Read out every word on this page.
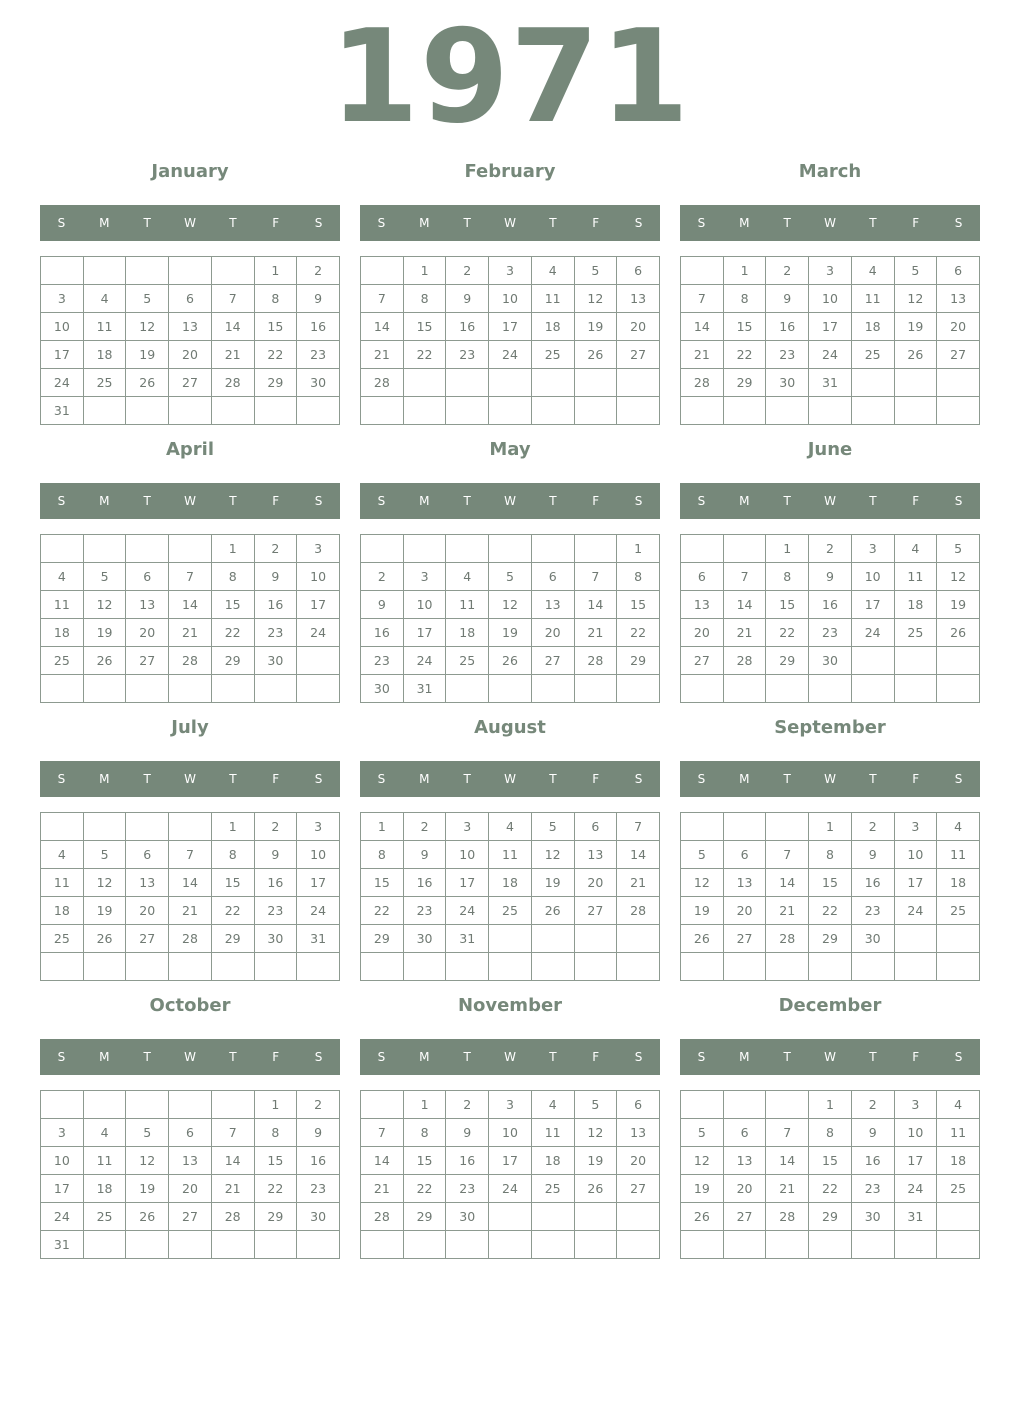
1971
January
S	M	T	W	T	F	S
					1	2
3	4	5	6	7	8	9
10	11	12	13	14	15	16
17	18	19	20	21	22	23
24	25	26	27	28	29	30
31						
February
S	M	T	W	T	F	S
	1	2	3	4	5	6
7	8	9	10	11	12	13
14	15	16	17	18	19	20
21	22	23	24	25	26	27
28						

March
S	M	T	W	T	F	S
	1	2	3	4	5	6
7	8	9	10	11	12	13
14	15	16	17	18	19	20
21	22	23	24	25	26	27
28	29	30	31			

April
S	M	T	W	T	F	S
				1	2	3
4	5	6	7	8	9	10
11	12	13	14	15	16	17
18	19	20	21	22	23	24
25	26	27	28	29	30	

May
S	M	T	W	T	F	S
						1
2	3	4	5	6	7	8
9	10	11	12	13	14	15
16	17	18	19	20	21	22
23	24	25	26	27	28	29
30	31					
June
S	M	T	W	T	F	S
		1	2	3	4	5
6	7	8	9	10	11	12
13	14	15	16	17	18	19
20	21	22	23	24	25	26
27	28	29	30			

July
S	M	T	W	T	F	S
				1	2	3
4	5	6	7	8	9	10
11	12	13	14	15	16	17
18	19	20	21	22	23	24
25	26	27	28	29	30	31

August
S	M	T	W	T	F	S
1	2	3	4	5	6	7
8	9	10	11	12	13	14
15	16	17	18	19	20	21
22	23	24	25	26	27	28
29	30	31				

September
S	M	T	W	T	F	S
			1	2	3	4
5	6	7	8	9	10	11
12	13	14	15	16	17	18
19	20	21	22	23	24	25
26	27	28	29	30		

October
S	M	T	W	T	F	S
					1	2
3	4	5	6	7	8	9
10	11	12	13	14	15	16
17	18	19	20	21	22	23
24	25	26	27	28	29	30
31						
November
S	M	T	W	T	F	S
	1	2	3	4	5	6
7	8	9	10	11	12	13
14	15	16	17	18	19	20
21	22	23	24	25	26	27
28	29	30				

December
S	M	T	W	T	F	S
			1	2	3	4
5	6	7	8	9	10	11
12	13	14	15	16	17	18
19	20	21	22	23	24	25
26	27	28	29	30	31	
